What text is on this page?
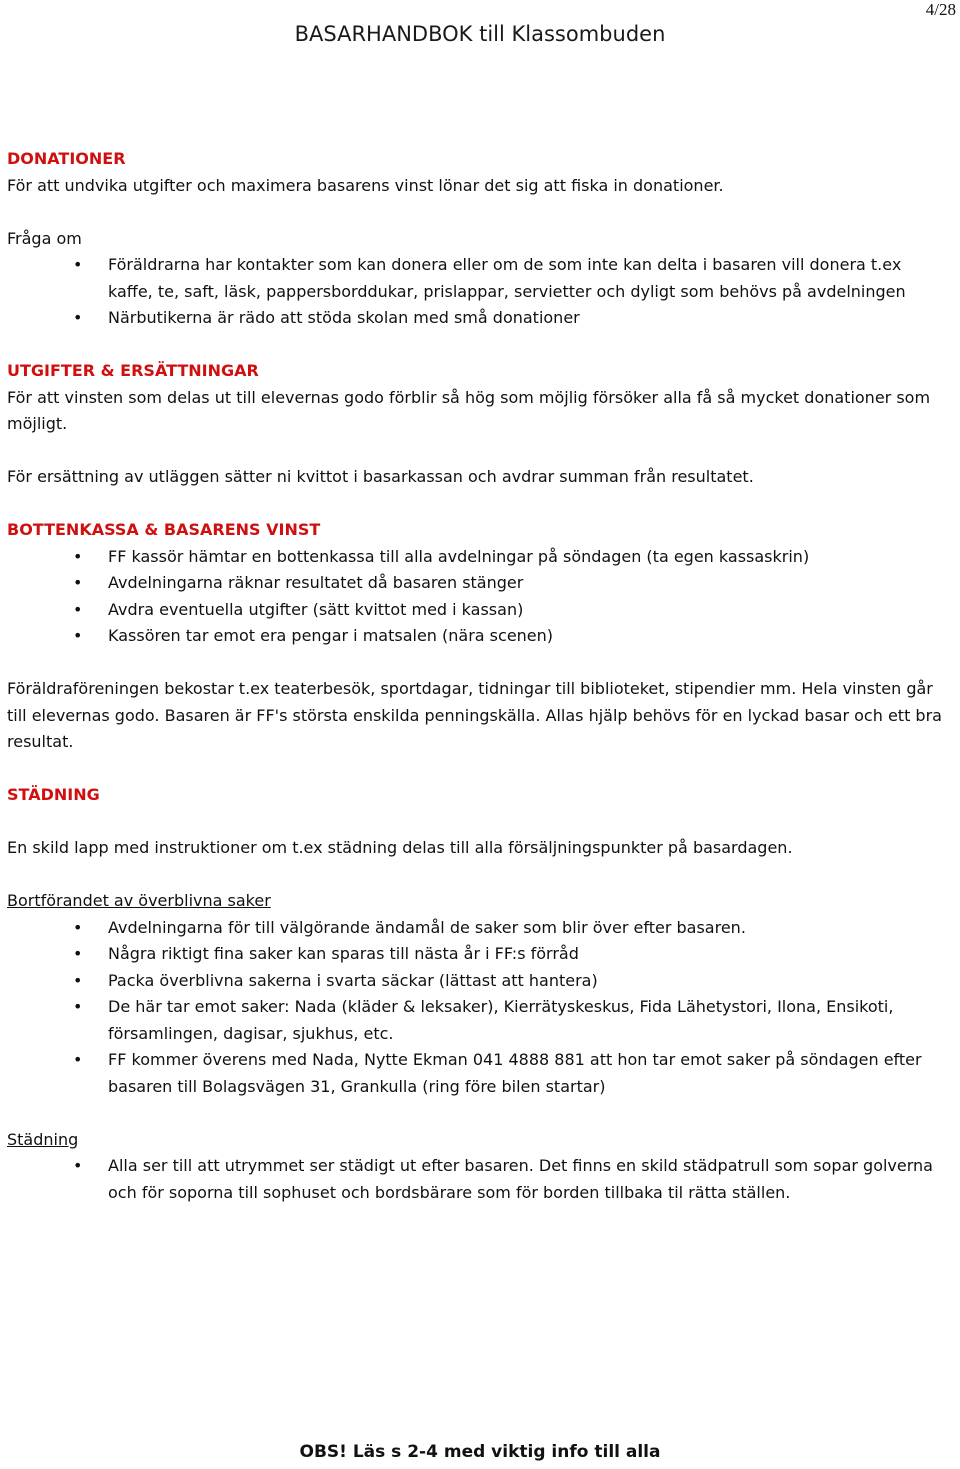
4/28
BASARHANDBOK till Klassombuden
DONATIONER

För att undvika utgifter och maximera basarens vinst lönar det sig att fiska in donationer.

Fråga om

• Föräldrarna har kontakter som kan donera eller om de som inte kan delta i basaren vill donera t.ex kaffe, te, saft, läsk, pappersborddukar, prislappar, servietter och dyligt som behövs på avdelningen
• Närbutikerna är rädo att stöda skolan med små donationer
UTGIFTER & ERSÄTTNINGAR

För att vinsten som delas ut till elevernas godo förblir så hög som möjlig försöker alla få så mycket donationer som möjligt.

För ersättning av utläggen sätter ni kvittot i basarkassan och avdrar summan från resultatet.

BOTTENKASSA & BASARENS VINST
• FF kassör hämtar en bottenkassa till alla avdelningar på söndagen (ta egen kassaskrin)
• Avdelningarna räknar resultatet då basaren stänger
• Avdra eventuella utgifter (sätt kvittot med i kassan)
• Kassören tar emot era pengar i matsalen (nära scenen)

Föräldraföreningen bekostar t.ex teaterbesök, sportdagar, tidningar till biblioteket, stipendier mm. Hela vinsten går till elevernas godo. Basaren är FF's största enskilda penningskälla. Allas hjälp behövs för en lyckad basar och ett bra resultat.

STÄDNING

En skild lapp med instruktioner om t.ex städning delas till alla försäljningspunkter på basardagen.

Bortförandet av överblivna saker

• Avdelningarna för till välgörande ändamål de saker som blir över efter basaren.
• Några riktigt fina saker kan sparas till nästa år i FF:s förråd
• Packa överblivna sakerna i svarta säckar (lättast att hantera)
• De här tar emot saker: Nada (kläder & leksaker), Kierrätyskeskus, Fida Lähetystori, Ilona, Ensikoti, församlingen, dagisar, sjukhus, etc.
• FF kommer överens med Nada, Nytte Ekman 041 4888 881 att hon tar emot saker på söndagen efter basaren till Bolagsvägen 31, Grankulla (ring före bilen startar)

Städning

• Alla ser till att utrymmet ser städigt ut efter basaren. Det finns en skild städpatrull som sopar golverna och för soporna till sophuset och bordsbärare som för borden tillbaka til rätta ställen.
OBS! Läs s 2-4 med viktig info till alla
